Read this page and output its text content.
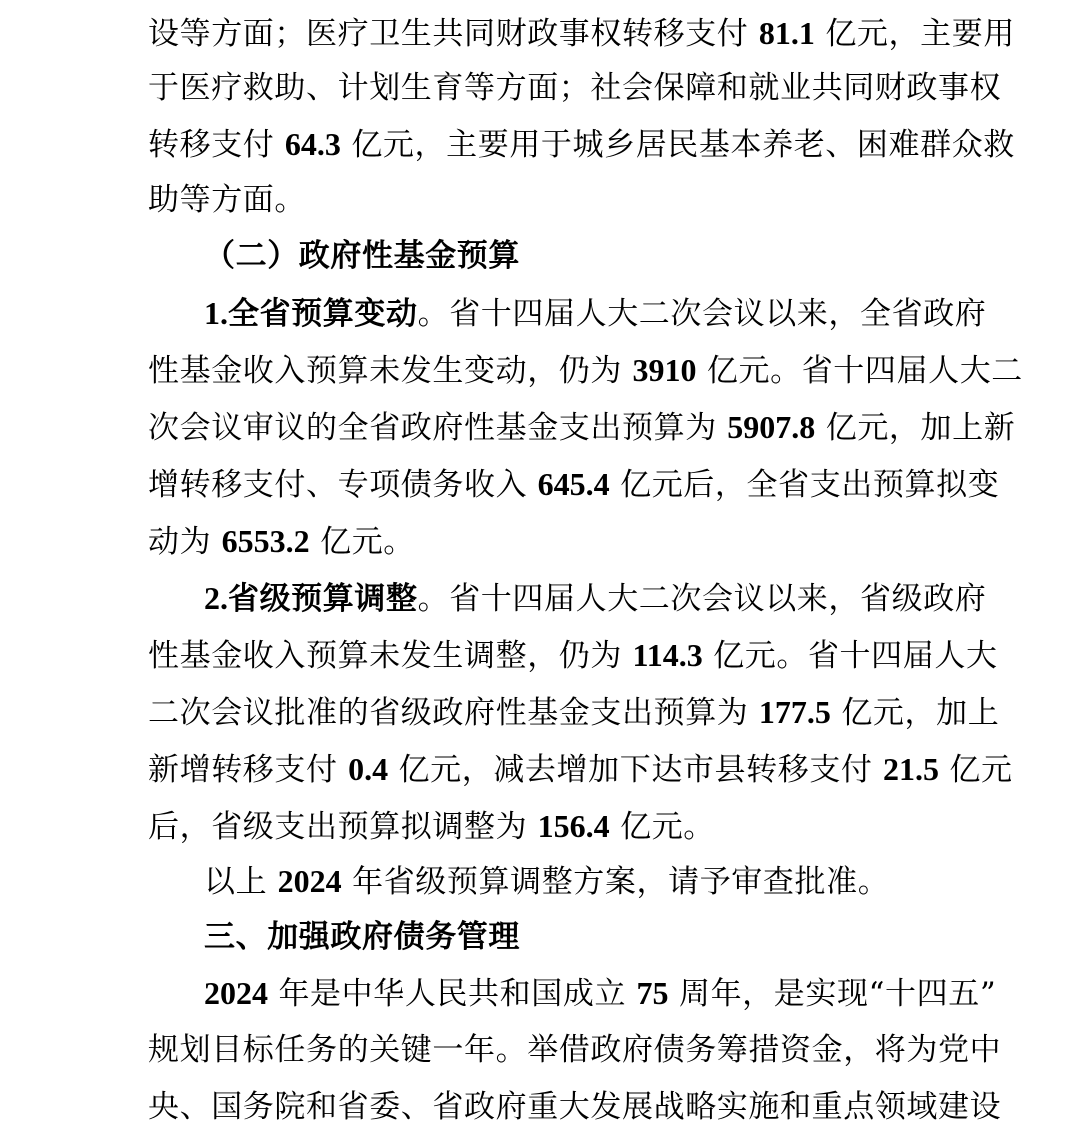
设等方面；医疗卫生共同财政事权转移支付 81.1 亿元，主要用
于医疗救助、计划生育等方面；社会保障和就业共同财政事权
转移支付 64.3 亿元，主要用于城乡居民基本养老、困难群众救
助等方面。
（二）政府性基金预算
1.全省预算变动。省十四届人大二次会议以来，全省政府
性基金收入预算未发生变动，仍为 3910 亿元。省十四届人大二
次会议审议的全省政府性基金支出预算为 5907.8 亿元，加上新
增转移支付、专项债务收入 645.4 亿元后，全省支出预算拟变
动为 6553.2 亿元。
2.省级预算调整。省十四届人大二次会议以来，省级政府
性基金收入预算未发生调整，仍为 114.3 亿元。省十四届人大
二次会议批准的省级政府性基金支出预算为 177.5 亿元，加上
新增转移支付 0.4 亿元，减去增加下达市县转移支付 21.5 亿元
后，省级支出预算拟调整为 156.4 亿元。
以上 2024 年省级预算调整方案，请予审查批准。
三、加强政府债务管理
2024 年是中华人民共和国成立 75 周年，是实现“十四五”
规划目标任务的关键一年。举借政府债务筹措资金，将为党中
央、国务院和省委、省政府重大发展战略实施和重点领域建设
